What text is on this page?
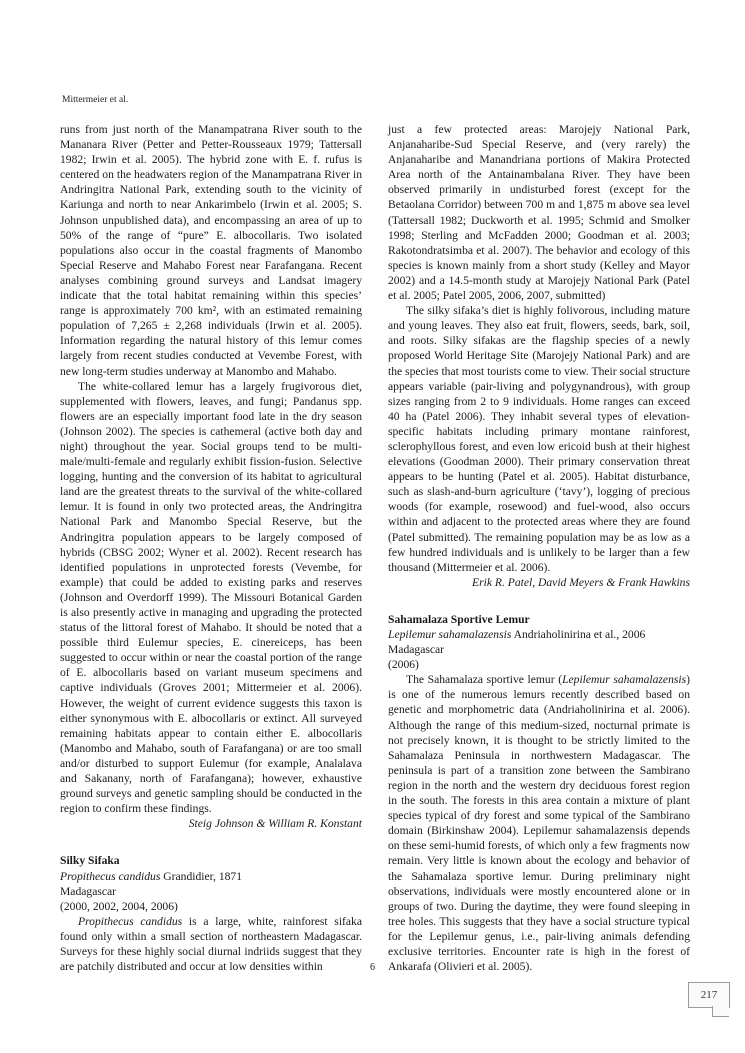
Mittermeier et al.

runs from just north of the Manampatrana River south to the Mananara River (Petter and Petter-Rousseaux 1979; Tattersall 1982; Irwin et al. 2005). The hybrid zone with E. f. rufus is centered on the headwaters region of the Manampatrana River in Andringitra National Park, extending south to the vicinity of Kariunga and north to near Ankarimbelo (Irwin et al. 2005; S. Johnson unpublished data), and encompassing an area of up to 50% of the range of “pure” E. albocollaris. Two isolated populations also occur in the coastal fragments of Manombo Special Reserve and Mahabo Forest near Farafangana. Recent analyses combining ground surveys and Landsat imagery indicate that the total habitat remaining within this species’ range is approximately 700 km², with an estimated remaining population of 7,265 ± 2,268 individuals (Irwin et al. 2005). Information regarding the natural history of this lemur comes largely from recent studies conducted at Vevembe Forest, with new long-term studies underway at Manombo and Mahabo.

The white-collared lemur has a largely frugivorous diet, supplemented with flowers, leaves, and fungi; Pandanus spp. flowers are an especially important food late in the dry season (Johnson 2002). The species is cathemeral (active both day and night) throughout the year. Social groups tend to be multi-male/multi-female and regularly exhibit fission-fusion. Selective logging, hunting and the conversion of its habitat to agricultural land are the greatest threats to the survival of the white-collared lemur. It is found in only two protected areas, the Andringitra National Park and Manombo Special Reserve, but the Andringitra population appears to be largely composed of hybrids (CBSG 2002; Wyner et al. 2002). Recent research has identified populations in unprotected forests (Vevembe, for example) that could be added to existing parks and reserves (Johnson and Overdorff 1999). The Missouri Botanical Garden is also presently active in managing and upgrading the protected status of the littoral forest of Mahabo. It should be noted that a possible third Eulemur species, E. cinereiceps, has been suggested to occur within or near the coastal portion of the range of E. albocollaris based on variant museum specimens and captive individuals (Groves 2001; Mittermeier et al. 2006). However, the weight of current evidence suggests this taxon is either synonymous with E. albocollaris or extinct. All surveyed remaining habitats appear to contain either E. albocollaris (Manombo and Mahabo, south of Farafangana) or are too small and/or disturbed to support Eulemur (for example, Analalava and Sakanany, north of Farafangana); however, exhaustive ground surveys and genetic sampling should be conducted in the region to confirm these findings.

Steig Johnson & William R. Konstant

Silky Sifaka
Propithecus candidus Grandidier, 1871
Madagascar
(2000, 2002, 2004, 2006)

Propithecus candidus is a large, white, rainforest sifaka found only within a small section of northeastern Madagascar. Surveys for these highly social diurnal indriids suggest that they are patchily distributed and occur at low densities within

just a few protected areas: Marojejy National Park, Anjanaharibe-Sud Special Reserve, and (very rarely) the Anjanaharibe and Manandriana portions of Makira Protected Area north of the Antainambalana River. They have been observed primarily in undisturbed forest (except for the Betaolana Corridor) between 700 m and 1,875 m above sea level (Tattersall 1982; Duckworth et al. 1995; Schmid and Smolker 1998; Sterling and McFadden 2000; Goodman et al. 2003; Rakotondratsimba et al. 2007). The behavior and ecology of this species is known mainly from a short study (Kelley and Mayor 2002) and a 14.5-month study at Marojejy National Park (Patel et al. 2005; Patel 2005, 2006, 2007, submitted)

The silky sifaka’s diet is highly folivorous, including mature and young leaves. They also eat fruit, flowers, seeds, bark, soil, and roots. Silky sifakas are the flagship species of a newly proposed World Heritage Site (Marojejy National Park) and are the species that most tourists come to view. Their social structure appears variable (pair-living and polygynandrous), with group sizes ranging from 2 to 9 individuals. Home ranges can exceed 40 ha (Patel 2006). They inhabit several types of elevation-specific habitats including primary montane rainforest, sclerophyllous forest, and even low ericoid bush at their highest elevations (Goodman 2000). Their primary conservation threat appears to be hunting (Patel et al. 2005). Habitat disturbance, such as slash-and-burn agriculture (‘tavy’), logging of precious woods (for example, rosewood) and fuel-wood, also occurs within and adjacent to the protected areas where they are found (Patel submitted). The remaining population may be as low as a few hundred individuals and is unlikely to be larger than a few thousand (Mittermeier et al. 2006).

Erik R. Patel, David Meyers & Frank Hawkins

Sahamalaza Sportive Lemur
Lepilemur sahamalazensis Andriaholinirina et al., 2006
Madagascar
(2006)

The Sahamalaza sportive lemur (Lepilemur sahamalazensis) is one of the numerous lemurs recently described based on genetic and morphometric data (Andriaholinirina et al. 2006). Although the range of this medium-sized, nocturnal primate is not precisely known, it is thought to be strictly limited to the Sahamalaza Peninsula in northwestern Madagascar. The peninsula is part of a transition zone between the Sambirano region in the north and the western dry deciduous forest region in the south. The forests in this area contain a mixture of plant species typical of dry forest and some typical of the Sambirano domain (Birkinshaw 2004). Lepilemur sahamalazensis depends on these semi-humid forests, of which only a few fragments now remain. Very little is known about the ecology and behavior of the Sahamalaza sportive lemur. During preliminary night observations, individuals were mostly encountered alone or in groups of two. During the daytime, they were found sleeping in tree holes. This suggests that they have a social structure typical for the Lepilemur genus, i.e., pair-living animals defending exclusive territories. Encounter rate is high in the forest of Ankarafa (Olivieri et al. 2005).

6
217
